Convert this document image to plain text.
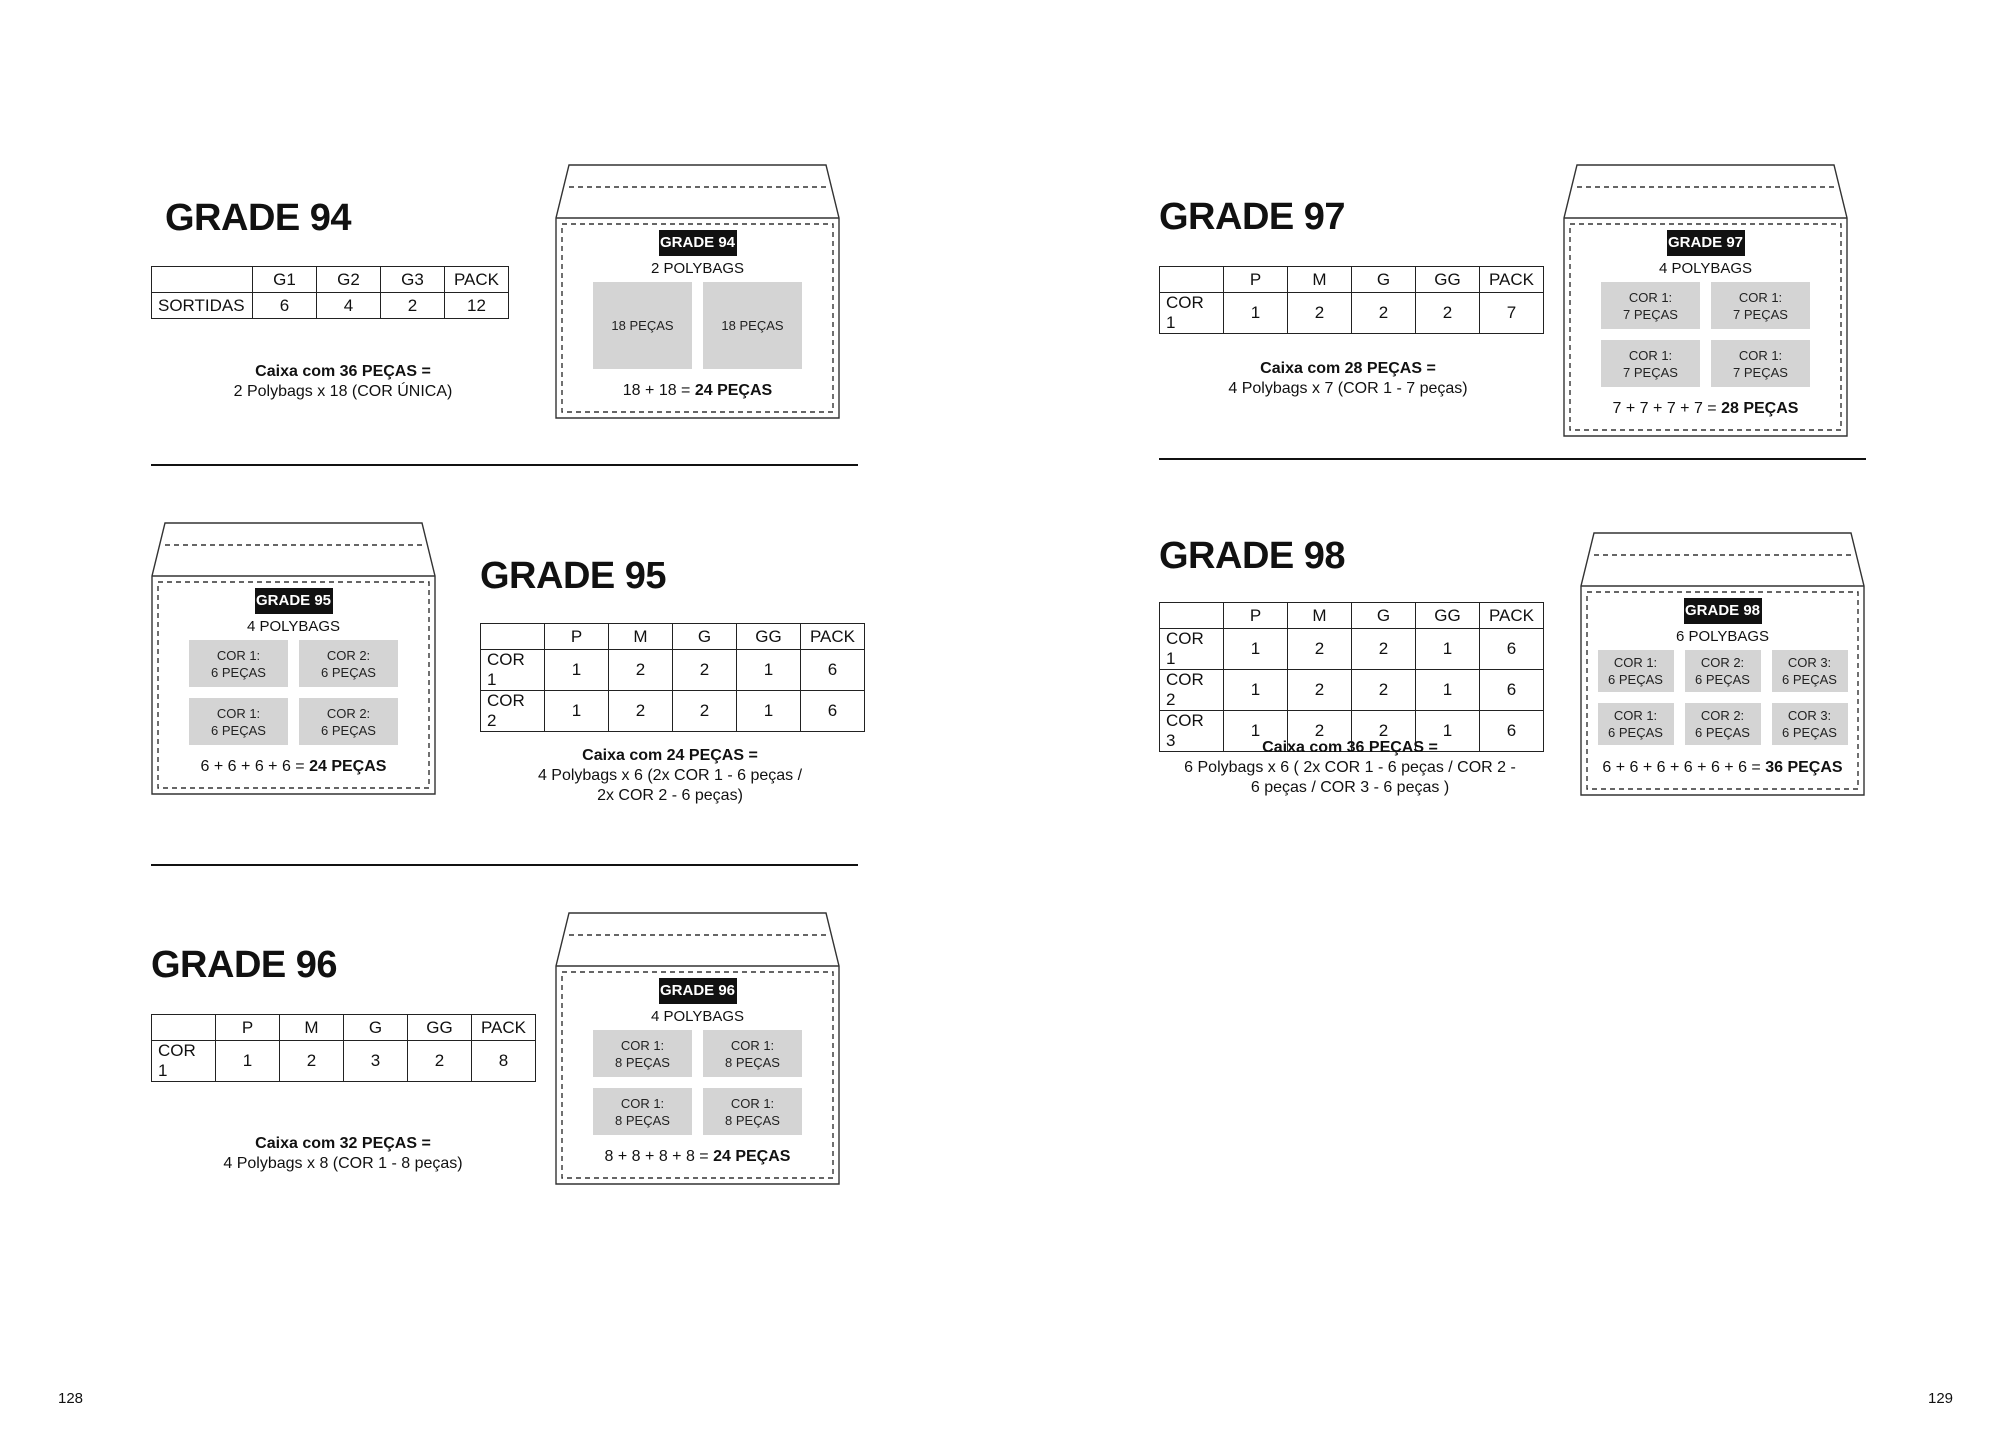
GRADE 94
	G1	G2	G3	PACK
SORTIDAS	6	4	2	12
Caixa com 36 PEÇAS =
2 Polybags x 18 (COR ÚNICA)
GRADE 94
2 POLYBAGS
18 PEÇAS	18 PEÇAS
18 + 18 = 24 PEÇAS
GRADE 95
4 POLYBAGS
COR 1:
6 PEÇAS
COR 2:
6 PEÇAS
COR 1:
6 PEÇAS
COR 2:
6 PEÇAS
6 + 6 + 6 + 6 = 24 PEÇAS
GRADE 95
	P	M	G	GG	PACK
COR 1	1	2	2	1	6
COR 2	1	2	2	1	6
Caixa com 24 PEÇAS =
4 Polybags x 6 (2x COR 1 - 6 peças /
2x COR 2 - 6 peças)
GRADE 96
	P	M	G	GG	PACK
COR 1	1	2	3	2	8
Caixa com 32 PEÇAS =
4 Polybags x 8 (COR 1 - 8 peças)
GRADE 96
4 POLYBAGS
COR 1:
8 PEÇAS
COR 1:
8 PEÇAS
COR 1:
8 PEÇAS
COR 1:
8 PEÇAS
8 + 8 + 8 + 8 = 24 PEÇAS
GRADE 97
	P	M	G	GG	PACK
COR 1	1	2	2	2	7
Caixa com 28 PEÇAS =
4 Polybags x 7 (COR 1 - 7 peças)
GRADE 97
4 POLYBAGS
COR 1:
7 PEÇAS
COR 1:
7 PEÇAS
COR 1:
7 PEÇAS
COR 1:
7 PEÇAS
7 + 7 + 7 + 7 = 28 PEÇAS
GRADE 98
	P	M	G	GG	PACK
COR 1	1	2	2	1	6
COR 2	1	2	2	1	6
COR 3	1	2	2	1	6
Caixa com 36 PEÇAS =
6 Polybags x 6 ( 2x COR 1 - 6 peças / COR 2 -
6 peças / COR 3 - 6 peças )
GRADE 98
6 POLYBAGS
COR 1:
6 PEÇAS
COR 2:
6 PEÇAS
COR 3:
6 PEÇAS
COR 1:
6 PEÇAS
COR 2:
6 PEÇAS
COR 3:
6 PEÇAS
6 + 6 + 6 + 6 + 6 + 6 = 36 PEÇAS
128	129
